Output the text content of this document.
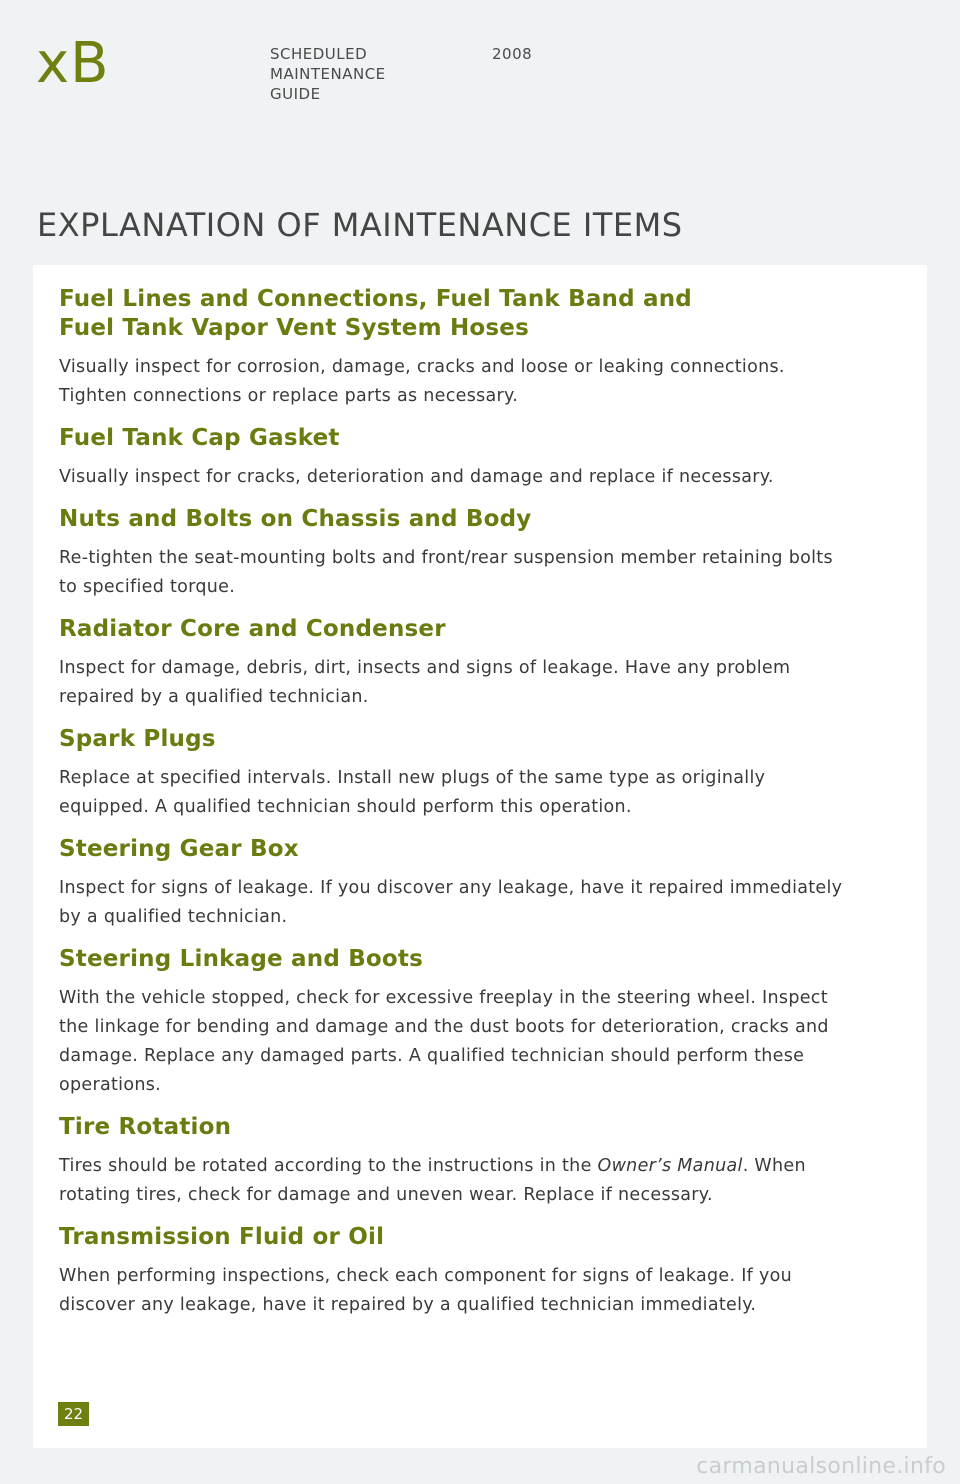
xB	SCHEDULED
MAINTENANCE
GUIDE
2008
EXPLANATION OF MAINTENANCE ITEMS
Fuel Lines and Connections, Fuel Tank Band and
Fuel Tank Vapor Vent System Hoses

Visually inspect for corrosion, damage, cracks and loose or leaking connections.
Tighten connections or replace parts as necessary.

Fuel Tank Cap Gasket

Visually inspect for cracks, deterioration and damage and replace if necessary.

Nuts and Bolts on Chassis and Body

Re-tighten the seat-mounting bolts and front/rear suspension member retaining bolts
to specified torque.

Radiator Core and Condenser

Inspect for damage, debris, dirt, insects and signs of leakage. Have any problem
repaired by a qualified technician.

Spark Plugs

Replace at specified intervals. Install new plugs of the same type as originally
equipped. A qualified technician should perform this operation.

Steering Gear Box

Inspect for signs of leakage. If you discover any leakage, have it repaired immediately
by a qualified technician.

Steering Linkage and Boots

With the vehicle stopped, check for excessive freeplay in the steering wheel. Inspect
the linkage for bending and damage and the dust boots for deterioration, cracks and
damage. Replace any damaged parts. A qualified technician should perform these
operations.

Tire Rotation

Tires should be rotated according to the instructions in the Owner’s Manual. When
rotating tires, check for damage and uneven wear. Replace if necessary.

Transmission Fluid or Oil

When performing inspections, check each component for signs of leakage. If you
discover any leakage, have it repaired by a qualified technician immediately.

22
carmanualsonline.info
